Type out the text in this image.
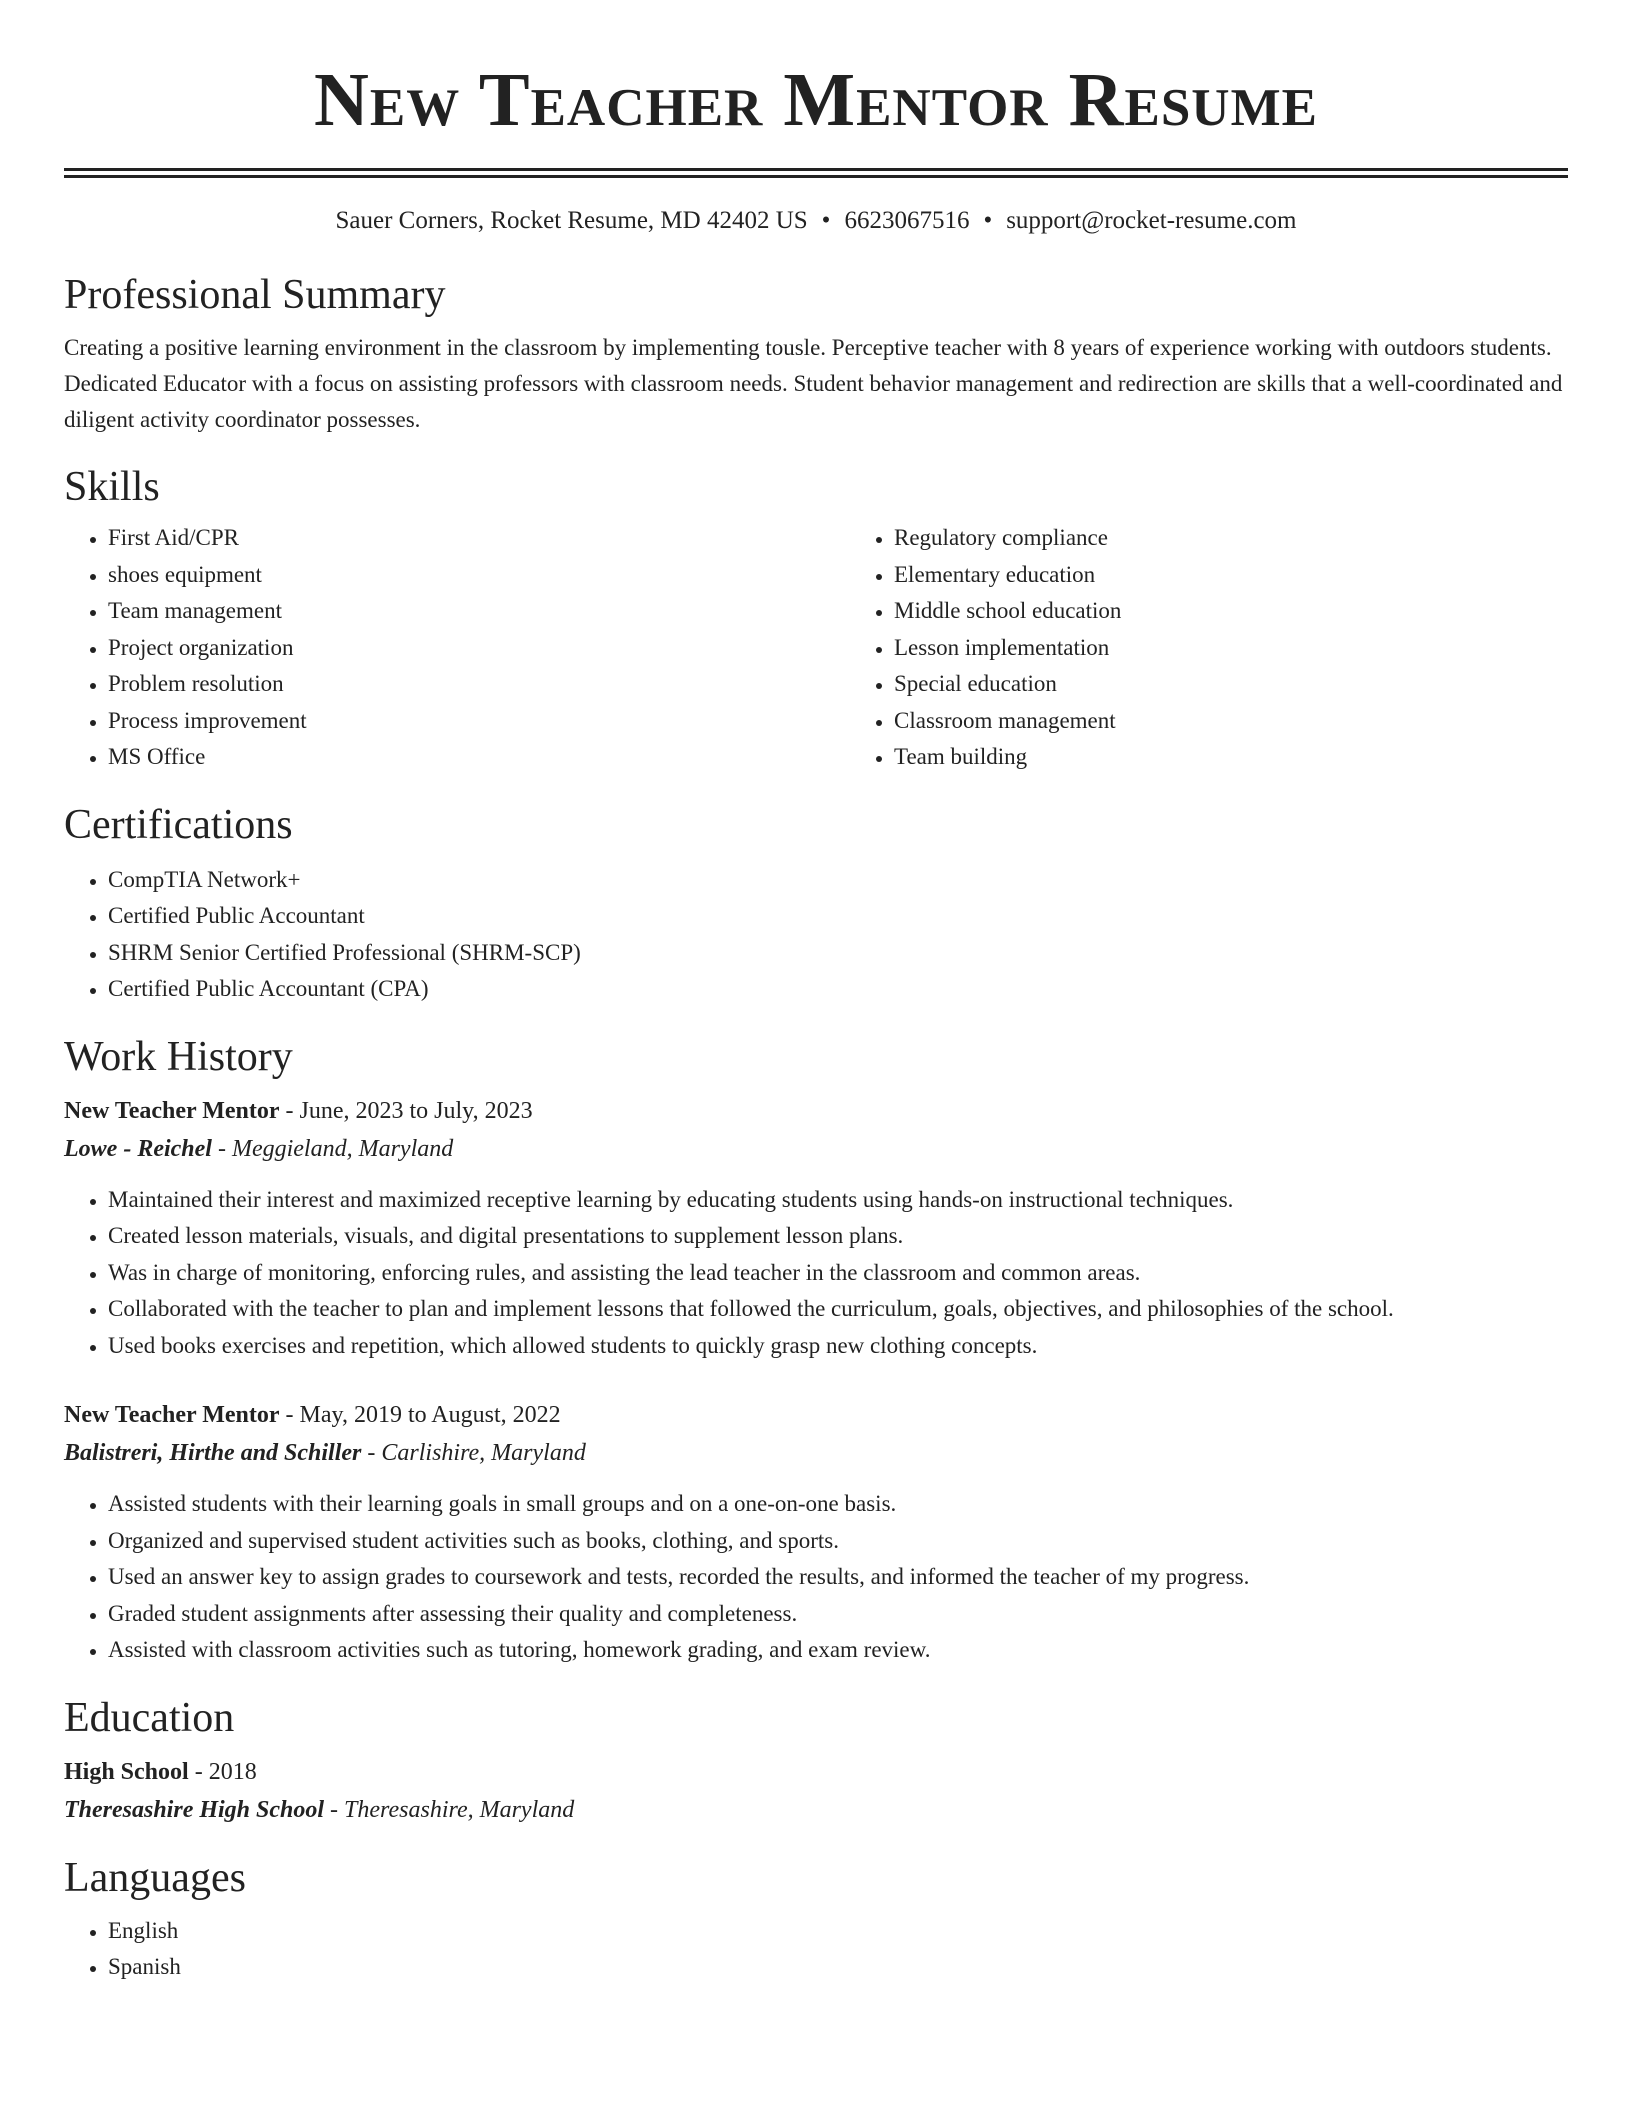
New Teacher Mentor Resume
Sauer Corners, Rocket Resume, MD 42402 US • 6623067516 • support@rocket-resume.com
Professional Summary

Creating a positive learning environment in the classroom by implementing tousle. Perceptive teacher with 8 years of experience working with outdoors students. Dedicated Educator with a focus on assisting professors with classroom needs. Student behavior management and redirection are skills that a well-coordinated and diligent activity coordinator possesses.

Skills
• First Aid/CPR
• shoes equipment
• Team management
• Project organization
• Problem resolution
• Process improvement
• MS Office
• Regulatory compliance
• Elementary education
• Middle school education
• Lesson implementation
• Special education
• Classroom management
• Team building
Certifications
• CompTIA Network+
• Certified Public Accountant
• SHRM Senior Certified Professional (SHRM-SCP)
• Certified Public Accountant (CPA)
Work History
New Teacher Mentor - June, 2023 to July, 2023
Lowe - Reichel - Meggieland, Maryland
• Maintained their interest and maximized receptive learning by educating students using hands-on instructional techniques.
• Created lesson materials, visuals, and digital presentations to supplement lesson plans.
• Was in charge of monitoring, enforcing rules, and assisting the lead teacher in the classroom and common areas.
• Collaborated with the teacher to plan and implement lessons that followed the curriculum, goals, objectives, and philosophies of the school.
• Used books exercises and repetition, which allowed students to quickly grasp new clothing concepts.
New Teacher Mentor - May, 2019 to August, 2022
Balistreri, Hirthe and Schiller - Carlishire, Maryland
• Assisted students with their learning goals in small groups and on a one-on-one basis.
• Organized and supervised student activities such as books, clothing, and sports.
• Used an answer key to assign grades to coursework and tests, recorded the results, and informed the teacher of my progress.
• Graded student assignments after assessing their quality and completeness.
• Assisted with classroom activities such as tutoring, homework grading, and exam review.
Education
High School - 2018
Theresashire High School - Theresashire, Maryland
Languages
• English
• Spanish
